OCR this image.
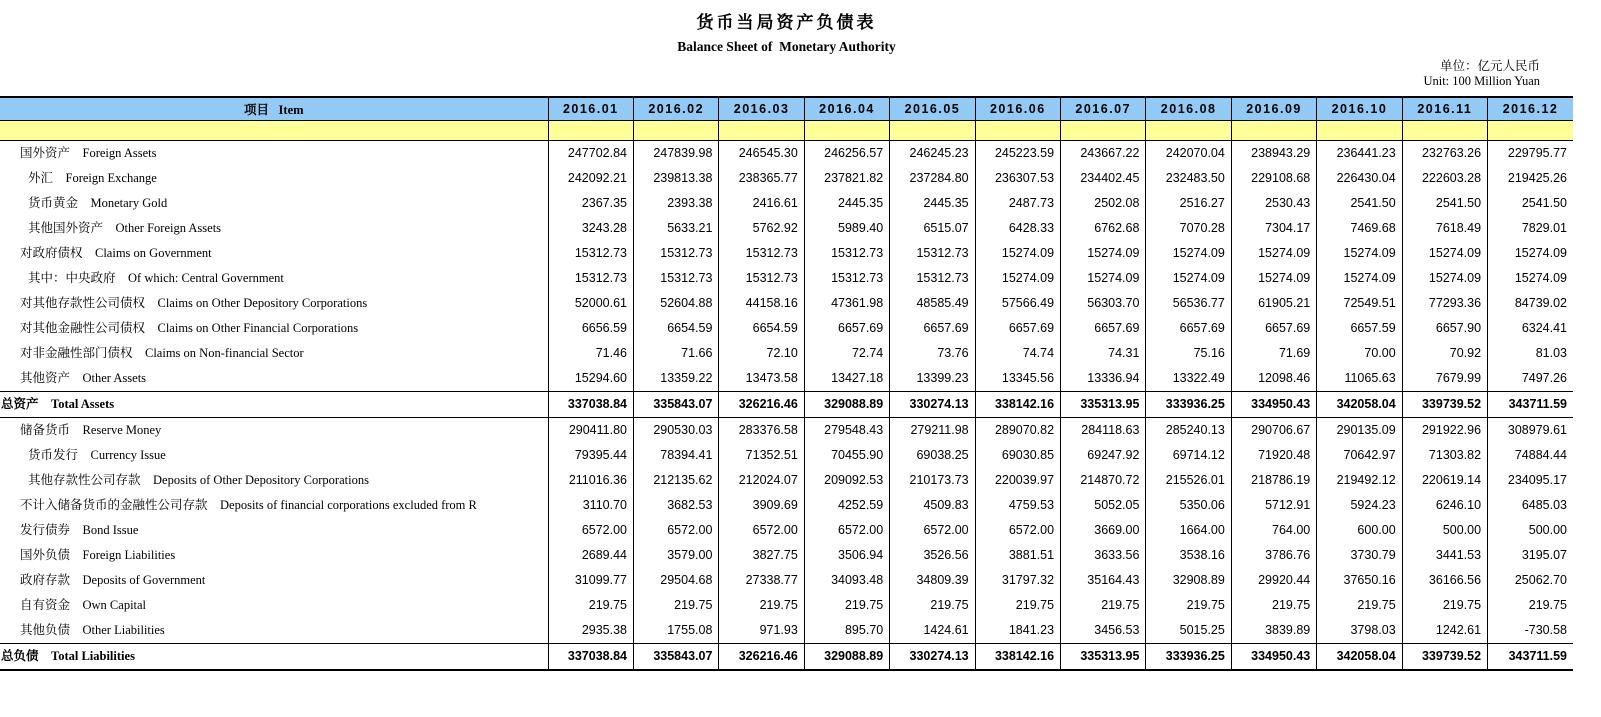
货币当局资产负债表
Balance Sheet of  Monetary Authority
单位：亿元人民币
Unit: 100 Million Yuan
项目 Item	2016.01	2016.02	2016.03	2016.04	2016.05	2016.06	2016.07	2016.08	2016.09	2016.10	2016.11	2016.12

国外资产 Foreign Assets	247702.84	247839.98	246545.30	246256.57	246245.23	245223.59	243667.22	242070.04	238943.29	236441.23	232763.26	229795.77
外汇 Foreign Exchange	242092.21	239813.38	238365.77	237821.82	237284.80	236307.53	234402.45	232483.50	229108.68	226430.04	222603.28	219425.26
货币黄金 Monetary Gold	2367.35	2393.38	2416.61	2445.35	2445.35	2487.73	2502.08	2516.27	2530.43	2541.50	2541.50	2541.50
其他国外资产 Other Foreign Assets	3243.28	5633.21	5762.92	5989.40	6515.07	6428.33	6762.68	7070.28	7304.17	7469.68	7618.49	7829.01
对政府债权 Claims on Government	15312.73	15312.73	15312.73	15312.73	15312.73	15274.09	15274.09	15274.09	15274.09	15274.09	15274.09	15274.09
其中：中央政府 Of which: Central Government	15312.73	15312.73	15312.73	15312.73	15312.73	15274.09	15274.09	15274.09	15274.09	15274.09	15274.09	15274.09
对其他存款性公司债权 Claims on Other Depository Corporations	52000.61	52604.88	44158.16	47361.98	48585.49	57566.49	56303.70	56536.77	61905.21	72549.51	77293.36	84739.02
对其他金融性公司债权 Claims on Other Financial Corporations	6656.59	6654.59	6654.59	6657.69	6657.69	6657.69	6657.69	6657.69	6657.69	6657.59	6657.90	6324.41
对非金融性部门债权 Claims on Non-financial Sector	71.46	71.66	72.10	72.74	73.76	74.74	74.31	75.16	71.69	70.00	70.92	81.03
其他资产 Other Assets	15294.60	13359.22	13473.58	13427.18	13399.23	13345.56	13336.94	13322.49	12098.46	11065.63	7679.99	7497.26
总资产 Total Assets	337038.84	335843.07	326216.46	329088.89	330274.13	338142.16	335313.95	333936.25	334950.43	342058.04	339739.52	343711.59
储备货币 Reserve Money	290411.80	290530.03	283376.58	279548.43	279211.98	289070.82	284118.63	285240.13	290706.67	290135.09	291922.96	308979.61
货币发行 Currency Issue	79395.44	78394.41	71352.51	70455.90	69038.25	69030.85	69247.92	69714.12	71920.48	70642.97	71303.82	74884.44
其他存款性公司存款 Deposits of Other Depository Corporations	211016.36	212135.62	212024.07	209092.53	210173.73	220039.97	214870.72	215526.01	218786.19	219492.12	220619.14	234095.17
不计入储备货币的金融性公司存款 Deposits of financial corporations excluded from R	3110.70	3682.53	3909.69	4252.59	4509.83	4759.53	5052.05	5350.06	5712.91	5924.23	6246.10	6485.03
发行债券 Bond Issue	6572.00	6572.00	6572.00	6572.00	6572.00	6572.00	3669.00	1664.00	764.00	600.00	500.00	500.00
国外负债 Foreign Liabilities	2689.44	3579.00	3827.75	3506.94	3526.56	3881.51	3633.56	3538.16	3786.76	3730.79	3441.53	3195.07
政府存款 Deposits of Government	31099.77	29504.68	27338.77	34093.48	34809.39	31797.32	35164.43	32908.89	29920.44	37650.16	36166.56	25062.70
自有资金 Own Capital	219.75	219.75	219.75	219.75	219.75	219.75	219.75	219.75	219.75	219.75	219.75	219.75
其他负债 Other Liabilities	2935.38	1755.08	971.93	895.70	1424.61	1841.23	3456.53	5015.25	3839.89	3798.03	1242.61	-730.58
总负债 Total Liabilities	337038.84	335843.07	326216.46	329088.89	330274.13	338142.16	335313.95	333936.25	334950.43	342058.04	339739.52	343711.59
